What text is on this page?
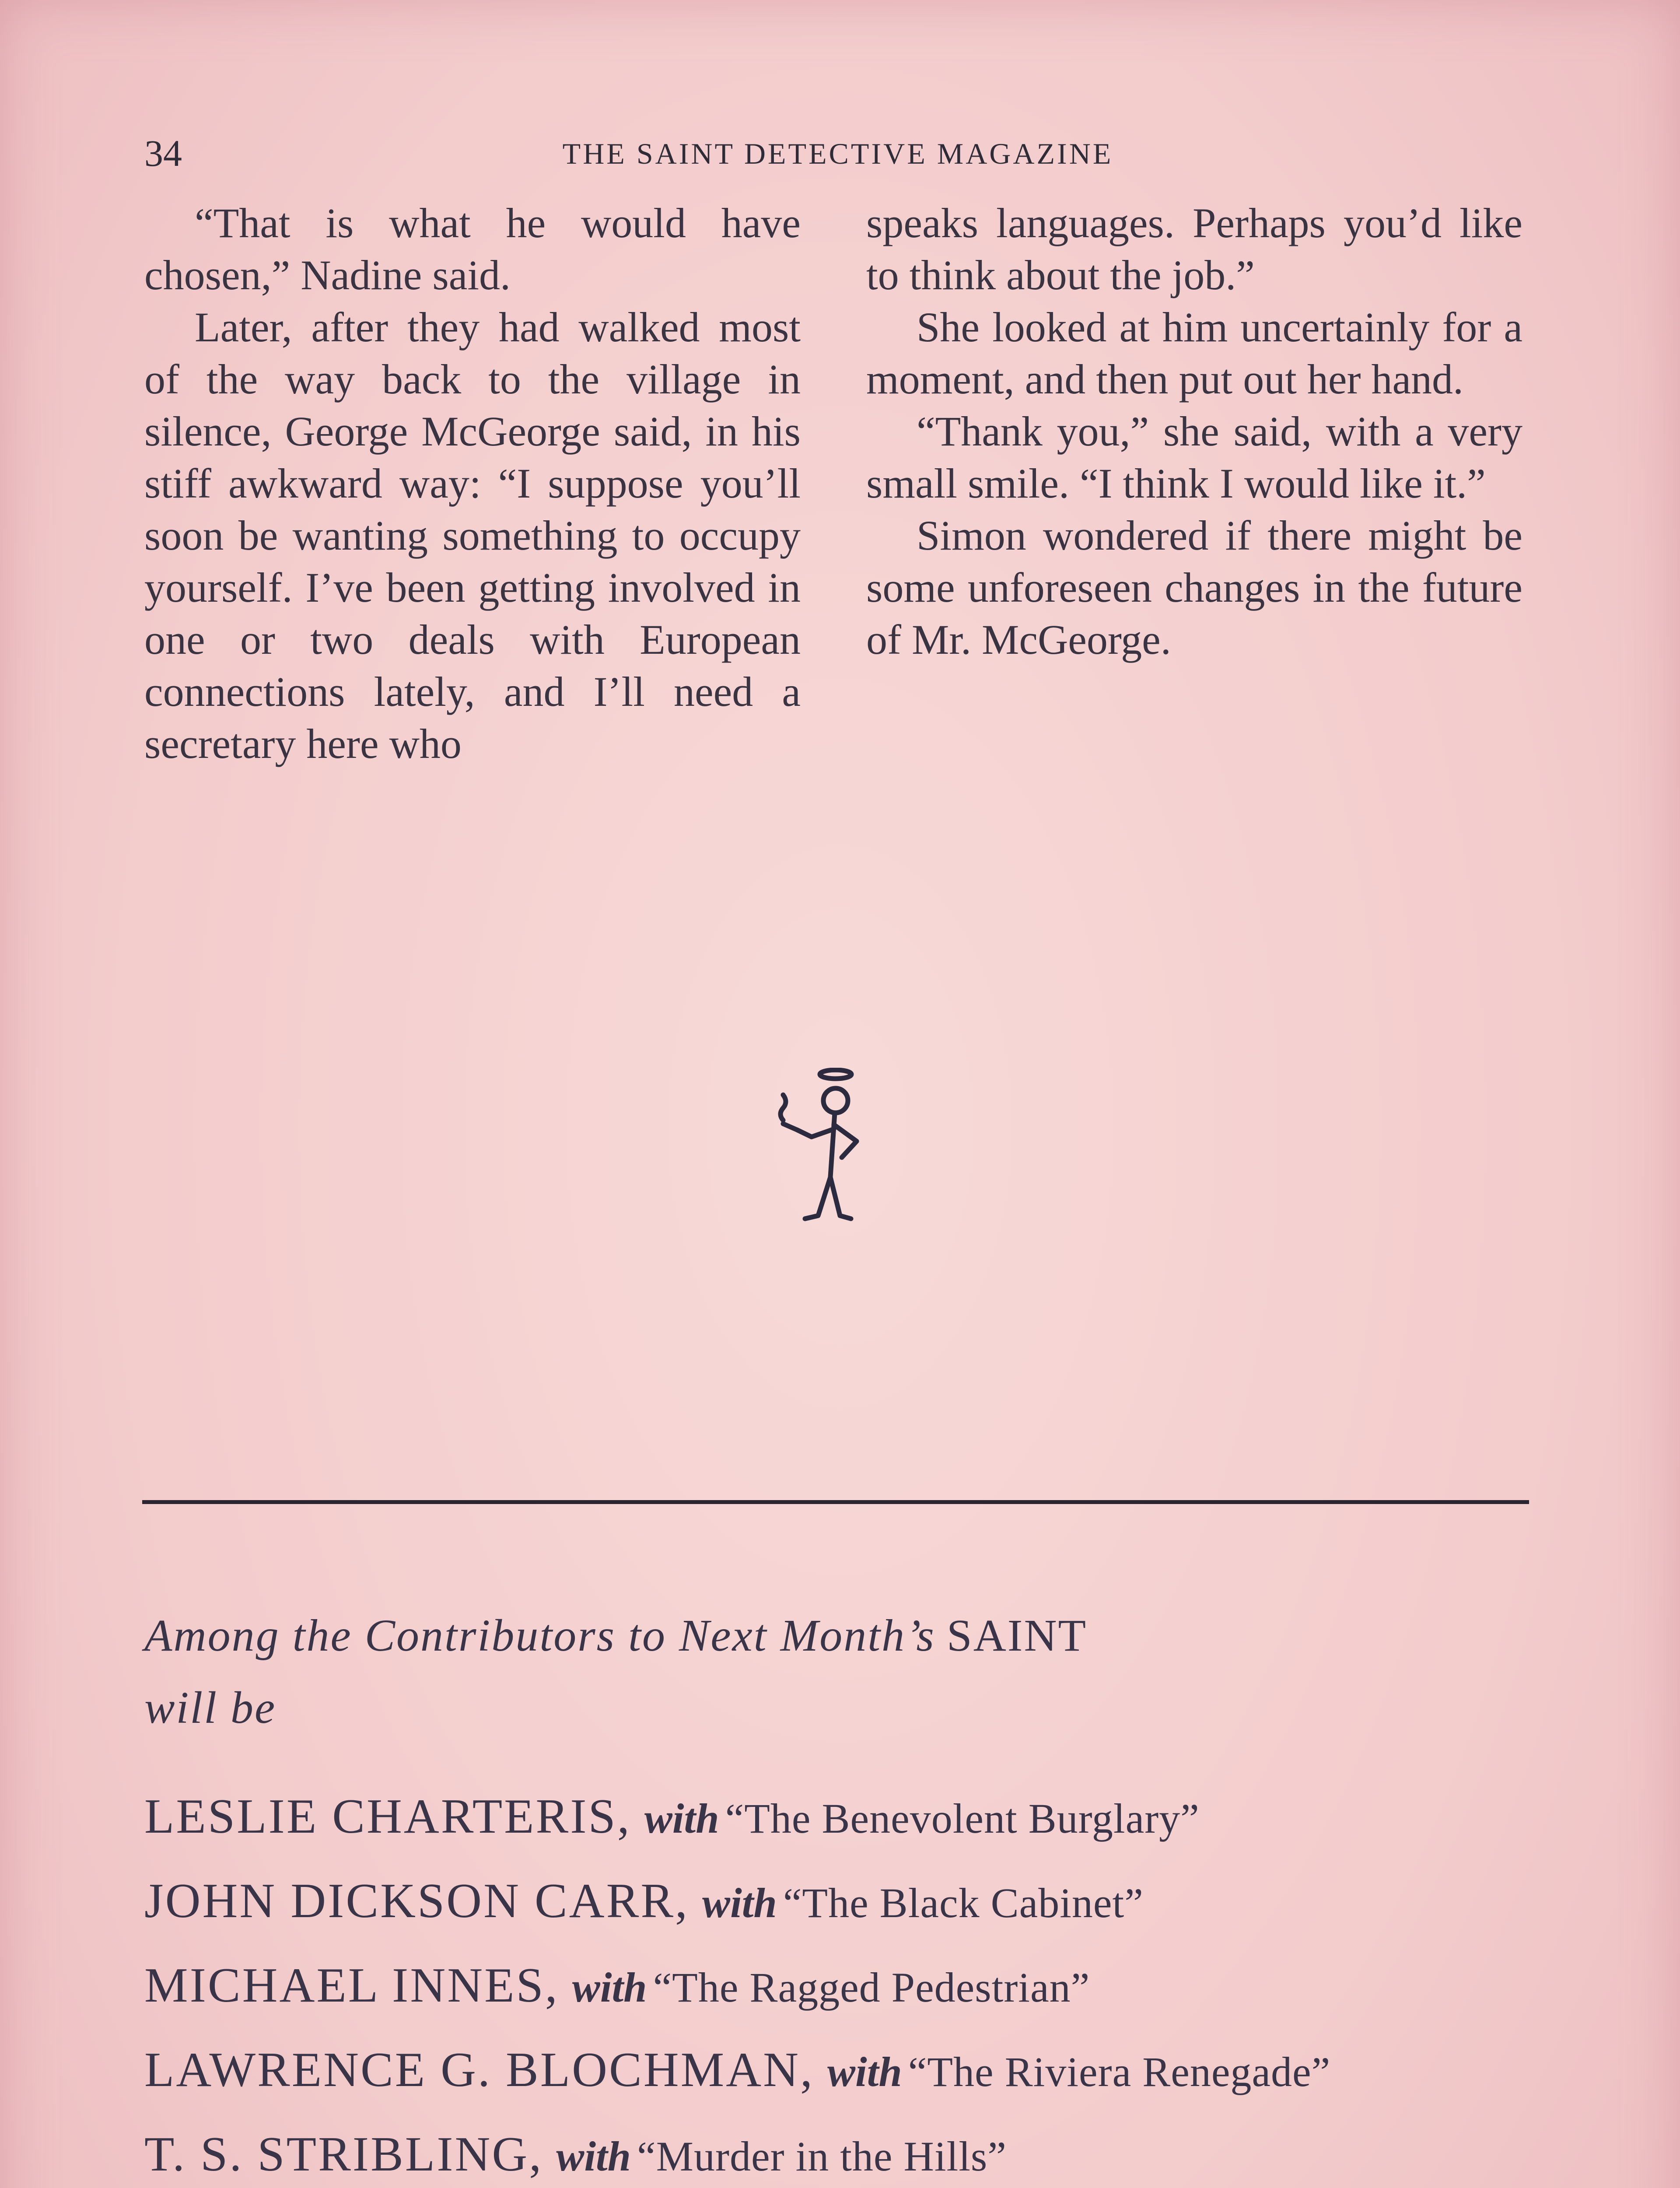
34	THE SAINT DETECTIVE MAGAZINE

“That is what he would have chosen,” Nadine said.

Later, after they had walked most of the way back to the village in silence, George McGeorge said, in his stiff awkward way: “I suppose you’ll soon be wanting something to occupy yourself. I’ve been getting involved in one or two deals with European connections lately, and I’ll need a secretary here who

speaks languages. Perhaps you’d like to think about the job.”

She looked at him uncertainly for a moment, and then put out her hand.

“Thank you,” she said, with a very small smile. “I think I would like it.”

Simon wondered if there might be some unforeseen changes in the future of Mr. McGeorge.

Among the Contributors to Next Month’s SAINT
will be
LESLIE CHARTERIS, with “The Benevolent Burglary”
JOHN DICKSON CARR, with “The Black Cabinet”
MICHAEL INNES, with “The Ragged Pedestrian”
LAWRENCE G. BLOCHMAN, with “The Riviera Renegade”
T. S. STRIBLING, with “Murder in the Hills”
